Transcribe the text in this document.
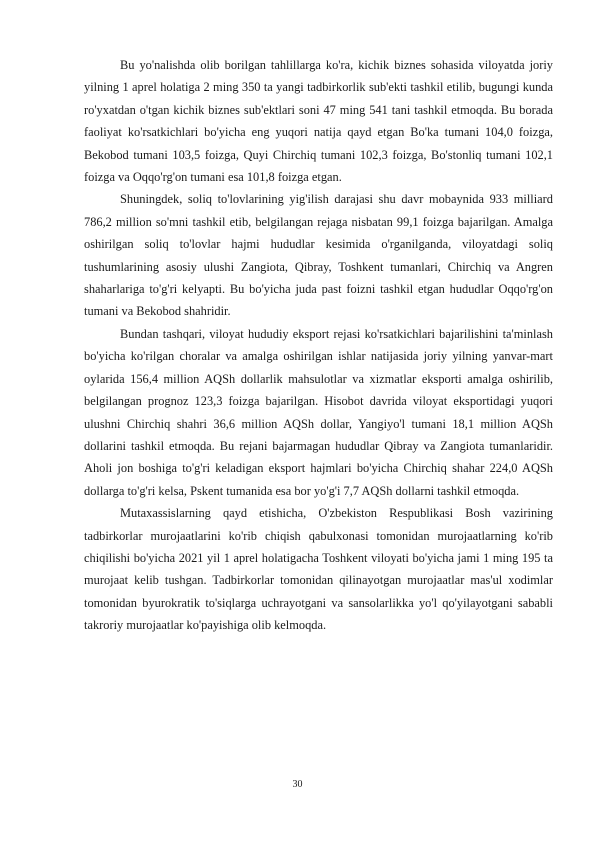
Bu yo'nalishda olib borilgan tahlillarga ko'ra, kichik biznes sohasida viloyatda joriy yilning 1 aprel holatiga 2 ming 350 ta yangi tadbirkorlik sub'ekti tashkil etilib, bugungi kunda ro'yxatdan o'tgan kichik biznes sub'ektlari soni 47 ming 541 tani tashkil etmoqda. Bu borada faoliyat ko'rsatkichlari bo'yicha eng yuqori natija qayd etgan Bo'ka tumani 104,0 foizga, Bekobod tumani 103,5 foizga, Quyi Chirchiq tumani 102,3 foizga, Bo'stonliq tumani 102,1 foizga va Oqqo'rg'on tumani esa 101,8 foizga etgan.

Shuningdek, soliq to'lovlarining yig'ilish darajasi shu davr mobaynida 933 milliard 786,2 million so'mni tashkil etib, belgilangan rejaga nisbatan 99,1 foizga bajarilgan. Amalga oshirilgan soliq to'lovlar hajmi hududlar kesimida o'rganilganda, viloyatdagi soliq tushumlarining asosiy ulushi Zangiota, Qibray, Toshkent tumanlari, Chirchiq va Angren shaharlariga to'g'ri kelyapti. Bu bo'yicha juda past foizni tashkil etgan hududlar Oqqo'rg'on tumani va Bekobod shahridir.

Bundan tashqari, viloyat hududiy eksport rejasi ko'rsatkichlari bajarilishini ta'minlash bo'yicha ko'rilgan choralar va amalga oshirilgan ishlar natijasida joriy yilning yanvar-mart oylarida 156,4 million AQSh dollarlik mahsulotlar va xizmatlar eksporti amalga oshirilib, belgilangan prognoz 123,3 foizga bajarilgan. Hisobot davrida viloyat eksportidagi yuqori ulushni Chirchiq shahri 36,6 million AQSh dollar, Yangiyo'l tumani 18,1 million AQSh dollarini tashkil etmoqda. Bu rejani bajarmagan hududlar Qibray va Zangiota tumanlaridir. Aholi jon boshiga to'g'ri keladigan eksport hajmlari bo'yicha Chirchiq shahar 224,0 AQSh dollarga to'g'ri kelsa, Pskent tumanida esa bor yo'g'i 7,7 AQSh dollarni tashkil etmoqda.

Mutaxassislarning qayd etishicha, O'zbekiston Respublikasi Bosh vazirining tadbirkorlar murojaatlarini ko'rib chiqish qabulxonasi tomonidan murojaatlarning ko'rib chiqilishi bo'yicha 2021 yil 1 aprel holatigacha Toshkent viloyati bo'yicha jami 1 ming 195 ta murojaat kelib tushgan. Tadbirkorlar tomonidan qilinayotgan murojaatlar mas'ul xodimlar tomonidan byurokratik to'siqlarga uchrayotgani va sansolarlikka yo'l qo'yilayotgani sababli takroriy murojaatlar ko'payishiga olib kelmoqda.

30
